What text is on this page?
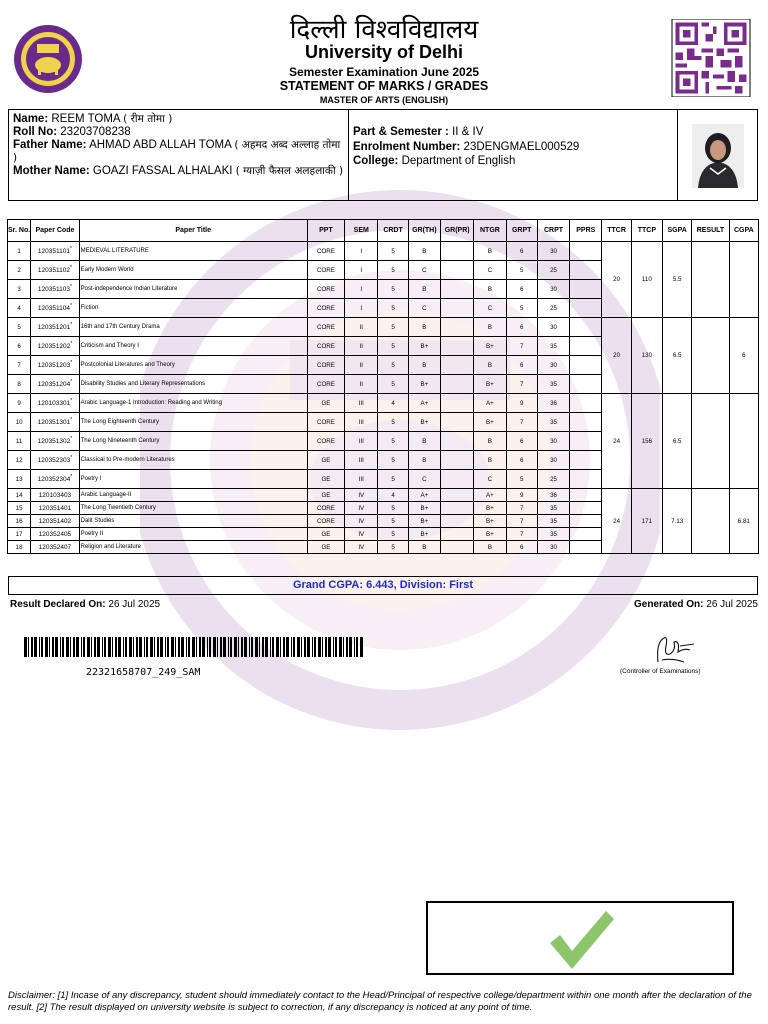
दिल्ली विश्वविद्यालय
University of Delhi
Semester Examination June 2025
STATEMENT OF MARKS / GRADES
MASTER OF ARTS (ENGLISH)
Name: REEM TOMA ( रीम तोमा )
Roll No: 23203708238
Father Name: AHMAD ABD ALLAH TOMA ( अहमद अब्द अल्लाह तोमा )
Mother Name: GOAZI FASSAL ALHALAKI ( ग्याज़ी फैसल अलहलाकी )
Part & Semester : II & IV
Enrolment Number: 23DENGMAEL000529
College: Department of English
Sr. No.	Paper Code	Paper Title	PPT	SEM	CRDT	GR(TH)	GR(PR)	NTGR	GRPT	CRPT	PPRS	TTCR	TTCP	SGPA	RESULT	CGPA
1	120351101*	MEDIEVAL LITERATURE	CORE	I	5	B		B	6	30		20	110	5.5		
2	120351102*	Early Modern World	CORE	I	5	C		C	5	25						
3	120351103*	Post-independence Indian Literature	CORE	I	5	B		B	6	30						
4	120351104*	Fiction	CORE	I	5	C		C	5	25						
5	120351201*	16th and 17th Century Drama	CORE	II	5	B		B	6	30		20	130	6.5		6
6	120351202*	Criticism and Theory I	CORE	II	5	B+		B+	7	35						
7	120351203*	Postcolonial Literatures and Theory	CORE	II	5	B		B	6	30						
8	120351204*	Disability Studies and Literary Representations	CORE	II	5	B+		B+	7	35						
9	120103301*	Arabic Language-1 Introduction: Reading and Writing	GE	III	4	A+		A+	9	36		24	156	6.5		
10	120351301*	The Long Eighteenth Century	CORE	III	5	B+		B+	7	35						
11	120351302*	The Long Nineteenth Century	CORE	III	5	B		B	6	30						
12	120352303*	Classical to Pre-modern Literatures	GE	III	5	B		B	6	30						
13	120352304*	Poetry I	GE	III	5	C		C	5	25						
14	120103403	Arabic Language-II	GE	IV	4	A+		A+	9	36		24	171	7.13		6.81
15	120351401	The Long Twentieth Century	CORE	IV	5	B+		B+	7	35						
16	120351402	Dalit Studies	CORE	IV	5	B+		B+	7	35						
17	120352405	Poetry II	GE	IV	5	B+		B+	7	35						
18	120352407	Religion and Literature	GE	IV	5	B		B	6	30						
Grand CGPA: 6.443, Division: First
Result Declared On: 26 Jul 2025	Generated On: 26 Jul 2025
22321658707_249_SAM	(Controller of Examinations)
Disclaimer: [1] Incase of any discrepancy, student should immediately contact to the Head/Principal of respective college/department within one month after the declaration of the result. [2] The result displayed on university website is subject to correction, if any discrepancy is noticed at any point of time.
